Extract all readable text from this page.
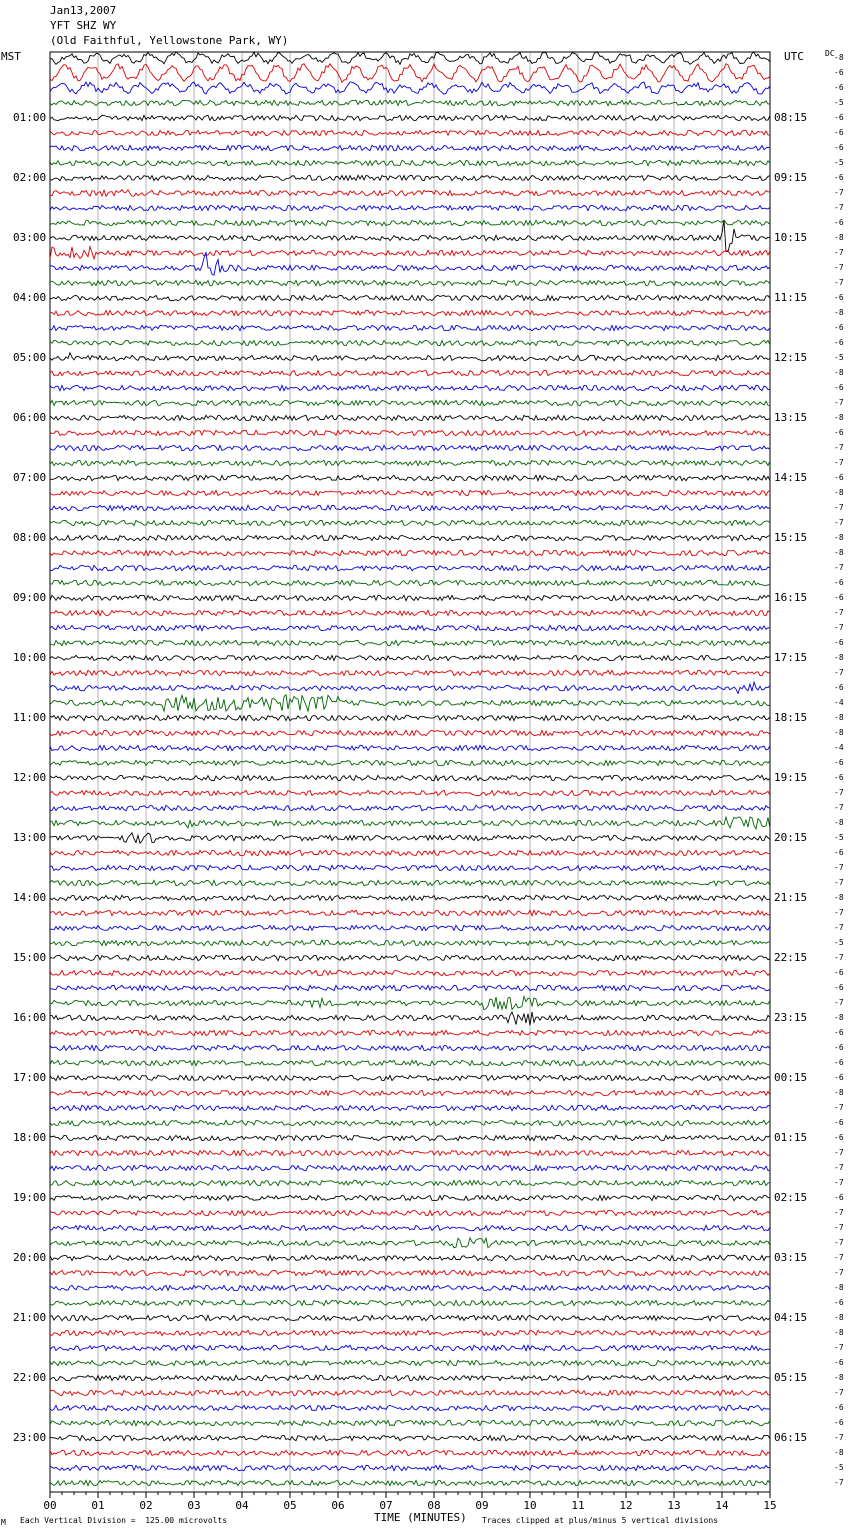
00	01	02	03	04	05	06	07	08	09	10	11	12	13	14	15
Jan13,2007
YFT SHZ WY
(Old Faithful, Yellowstone Park, WY)
MST	UTC	DC
TIME (MINUTES)
M Each Vertical Division =  125.00 microvolts	Traces clipped at plus/minus 5 vertical divisions
01:00
02:00
03:00
04:00
05:00
06:00
07:00
08:00
09:00
10:00
11:00
12:00
13:00
14:00
15:00
16:00
17:00
18:00
19:00
20:00
21:00
22:00
23:00
08:15
09:15
10:15
11:15
12:15
13:15
14:15
15:15
16:15
17:15
18:15
19:15
20:15
21:15
22:15
23:15
00:15
01:15
02:15
03:15
04:15
05:15
06:15
-8
-6
-6
-5
-6
-6
-6
-5
-6
-7
-7
-6
-8
-7
-7
-7
-6
-8
-6
-6
-5
-8
-6
-7
-8
-6
-7
-7
-6
-8
-7
-7
-8
-8
-7
-6
-6
-7
-7
-6
-8
-7
-6
-4
-8
-8
-4
-6
-6
-7
-7
-8
-5
-6
-7
-7
-8
-7
-7
-5
-7
-6
-6
-7
-8
-6
-6
-6
-6
-8
-7
-6
-6
-7
-7
-7
-6
-7
-7
-7
-7
-7
-8
-6
-8
-8
-7
-6
-8
-7
-6
-6
-7
-8
-5
-7
